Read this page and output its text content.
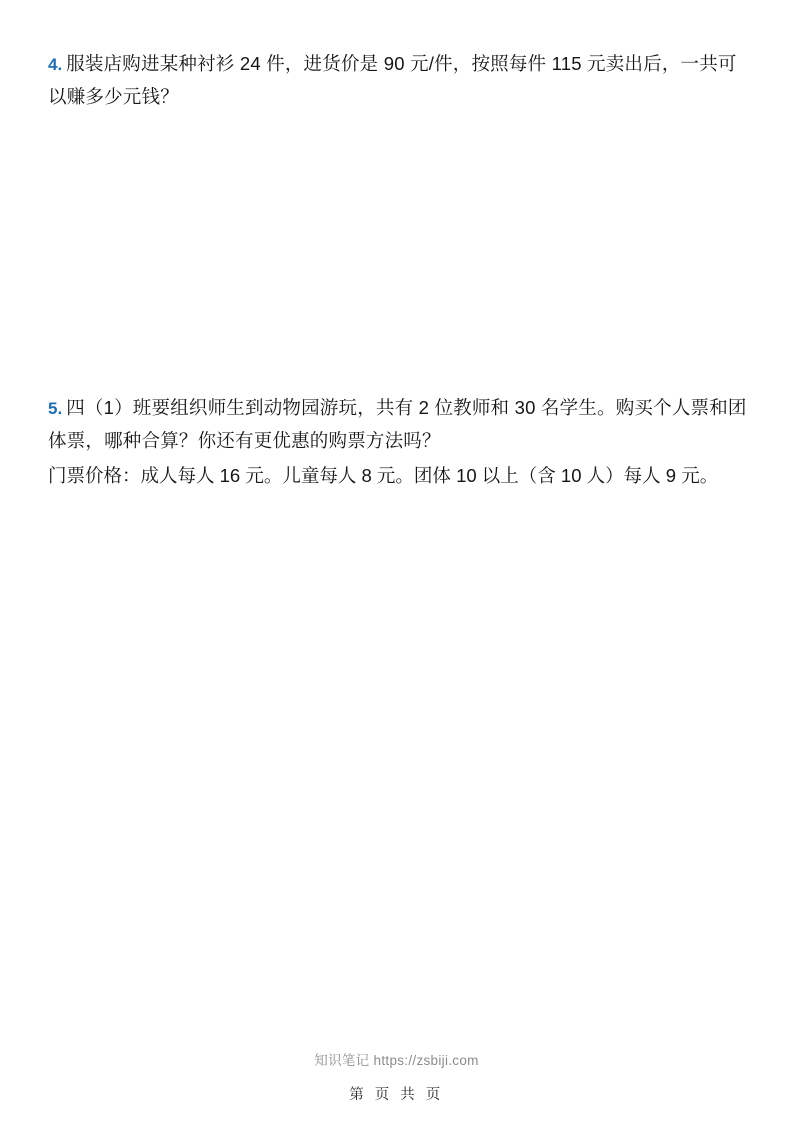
4. 服装店购进某种衬衫 24 件，进货价是 90 元/件，按照每件 115 元卖出后，一共可以赚多少元钱？
5. 四（1）班要组织师生到动物园游玩，共有 2 位教师和 30 名学生。购买个人票和团体票，哪种合算？你还有更优惠的购票方法吗？
门票价格：成人每人 16 元。儿童每人 8 元。团体 10 以上（含 10 人）每人 9 元。
知识笔记 https://zsbiji.com
第 页 共 页
